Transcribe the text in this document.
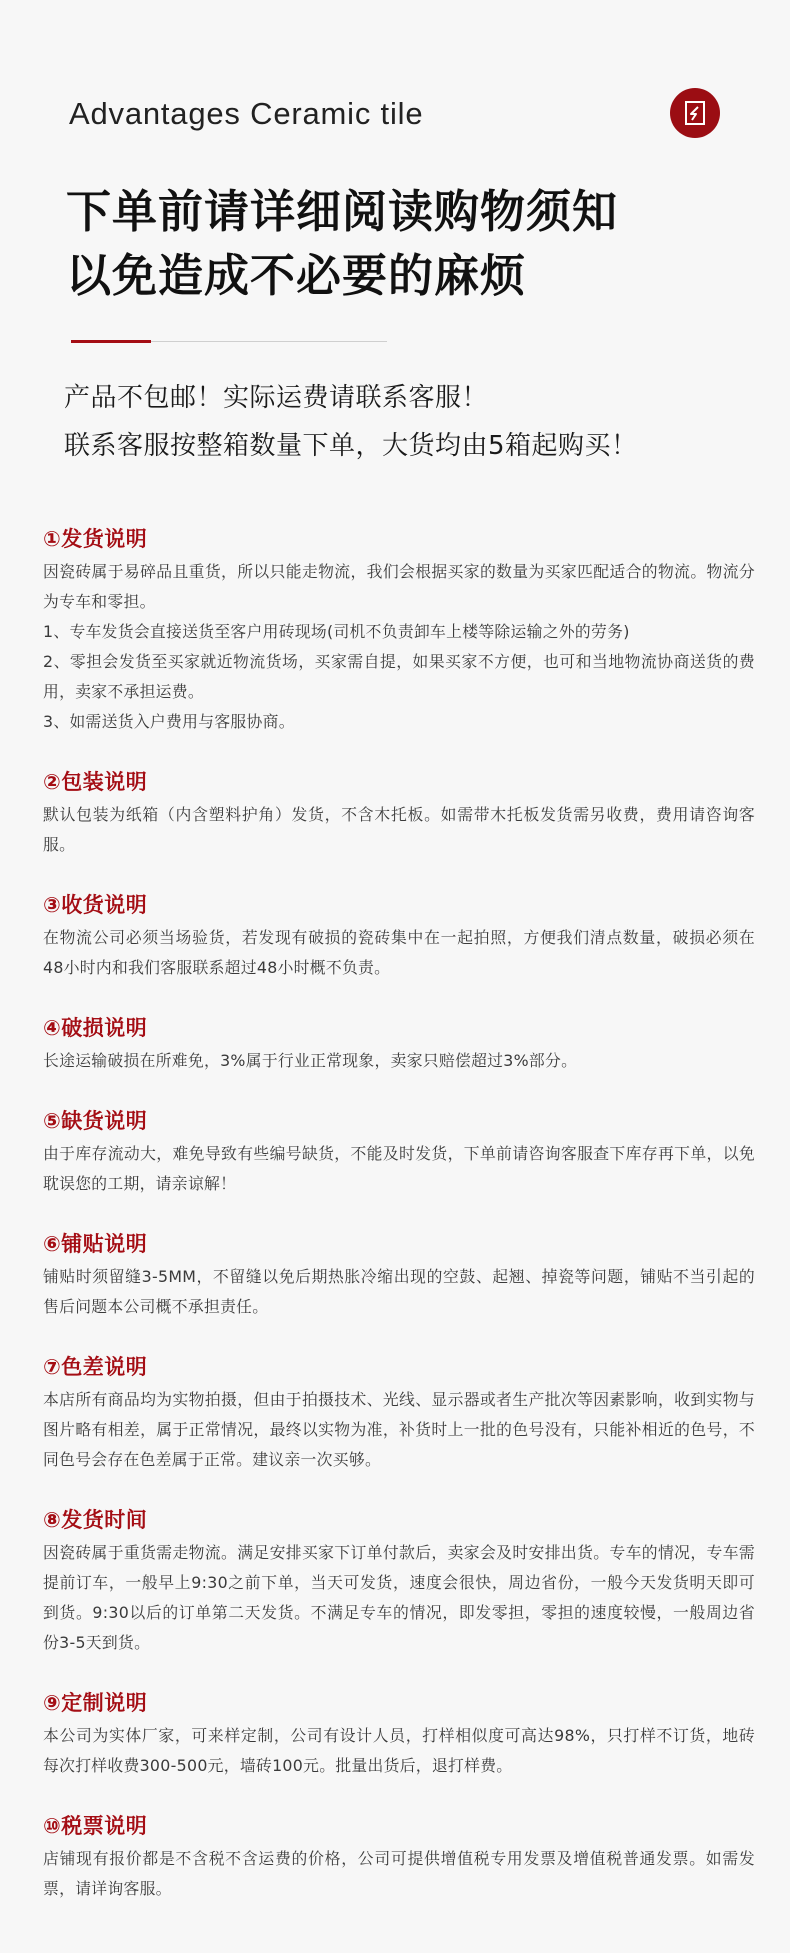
Advantages Ceramic tile
下单前请详细阅读购物须知
以免造成不必要的麻烦
产品不包邮！实际运费请联系客服！
联系客服按整箱数量下单，大货均由5箱起购买！
①发货说明
因瓷砖属于易碎品且重货，所以只能走物流，我们会根据买家的数量为买家匹配适合的物流。物流分为专车和零担。
1、专车发货会直接送货至客户用砖现场(司机不负责卸车上楼等除运输之外的劳务)
2、零担会发货至买家就近物流货场，买家需自提，如果买家不方便，也可和当地物流协商送货的费用，卖家不承担运费。
3、如需送货入户费用与客服协商。
②包装说明
默认包装为纸箱（内含塑料护角）发货，不含木托板。如需带木托板发货需另收费，费用请咨询客服。
③收货说明
在物流公司必须当场验货，若发现有破损的瓷砖集中在一起拍照，方便我们清点数量，破损必须在48小时内和我们客服联系超过48小时概不负责。
④破损说明
长途运输破损在所难免，3%属于行业正常现象，卖家只赔偿超过3%部分。
⑤缺货说明
由于库存流动大，难免导致有些编号缺货，不能及时发货，下单前请咨询客服查下库存再下单，以免耽误您的工期，请亲谅解！
⑥铺贴说明
铺贴时须留缝3-5MM，不留缝以免后期热胀冷缩出现的空鼓、起翘、掉瓷等问题，铺贴不当引起的售后问题本公司概不承担责任。
⑦色差说明
本店所有商品均为实物拍摄，但由于拍摄技术、光线、显示器或者生产批次等因素影响，收到实物与图片略有相差，属于正常情况，最终以实物为准，补货时上一批的色号没有，只能补相近的色号，不同色号会存在色差属于正常。建议亲一次买够。
⑧发货时间
因瓷砖属于重货需走物流。满足安排买家下订单付款后，卖家会及时安排出货。专车的情况，专车需提前订车，一般早上9:30之前下单，当天可发货，速度会很快，周边省份，一般今天发货明天即可到货。9:30以后的订单第二天发货。不满足专车的情况，即发零担，零担的速度较慢，一般周边省份3-5天到货。
⑨定制说明
本公司为实体厂家，可来样定制，公司有设计人员，打样相似度可高达98%，只打样不订货，地砖每次打样收费300-500元，墙砖100元。批量出货后，退打样费。
⑩税票说明
店铺现有报价都是不含税不含运费的价格，公司可提供增值税专用发票及增值税普通发票。如需发票，请详询客服。
